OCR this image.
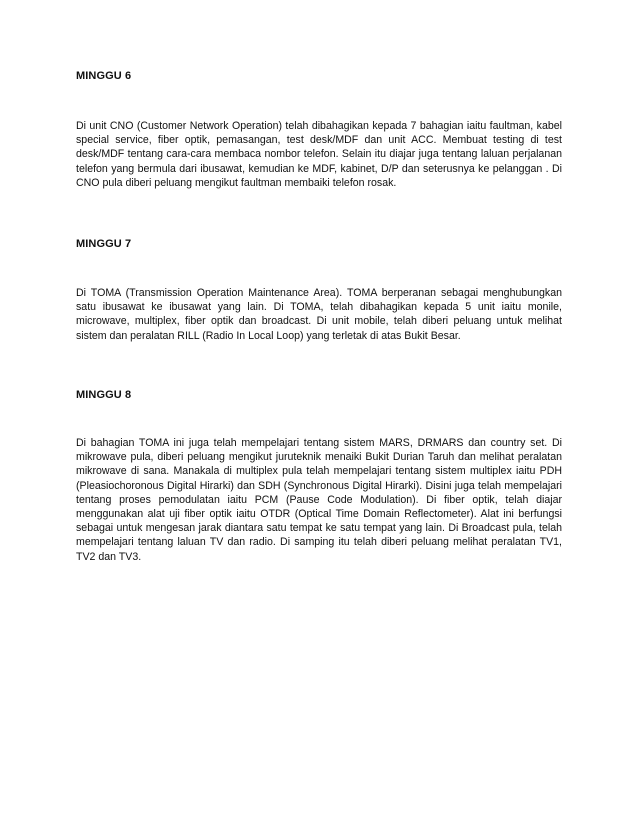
MINGGU 6

Di unit CNO (Customer Network Operation) telah dibahagikan kepada 7 bahagian iaitu faultman, kabel special service, fiber optik, pemasangan, test desk/MDF dan unit ACC. Membuat testing di test desk/MDF tentang cara-cara membaca nombor telefon. Selain itu diajar juga tentang laluan perjalanan telefon yang bermula dari ibusawat, kemudian ke MDF, kabinet, D/P dan seterusnya ke pelanggan . Di CNO pula diberi peluang mengikut faultman membaiki telefon rosak.

MINGGU 7

Di TOMA (Transmission Operation Maintenance Area). TOMA berperanan sebagai menghubungkan satu ibusawat ke ibusawat yang lain. Di TOMA, telah dibahagikan kepada 5 unit iaitu monile, microwave, multiplex, fiber optik dan broadcast. Di unit mobile, telah diberi peluang untuk melihat sistem dan peralatan RILL (Radio In Local Loop) yang terletak di atas Bukit Besar.

MINGGU 8

Di bahagian TOMA ini juga telah mempelajari tentang sistem MARS, DRMARS dan country set. Di mikrowave pula, diberi peluang mengikut juruteknik menaiki Bukit Durian Taruh dan melihat peralatan mikrowave di sana. Manakala di multiplex pula telah mempelajari tentang sistem multiplex iaitu PDH (Pleasiochoronous Digital Hirarki) dan SDH (Synchronous Digital Hirarki). Disini juga telah mempelajari tentang proses pemodulatan iaitu PCM (Pause Code Modulation). Di fiber optik, telah diajar menggunakan alat uji fiber optik iaitu OTDR (Optical Time Domain Reflectometer). Alat ini berfungsi sebagai untuk mengesan jarak diantara satu tempat ke satu tempat yang lain. Di Broadcast pula, telah mempelajari tentang laluan TV dan radio. Di samping itu telah diberi peluang melihat peralatan TV1, TV2 dan TV3.
